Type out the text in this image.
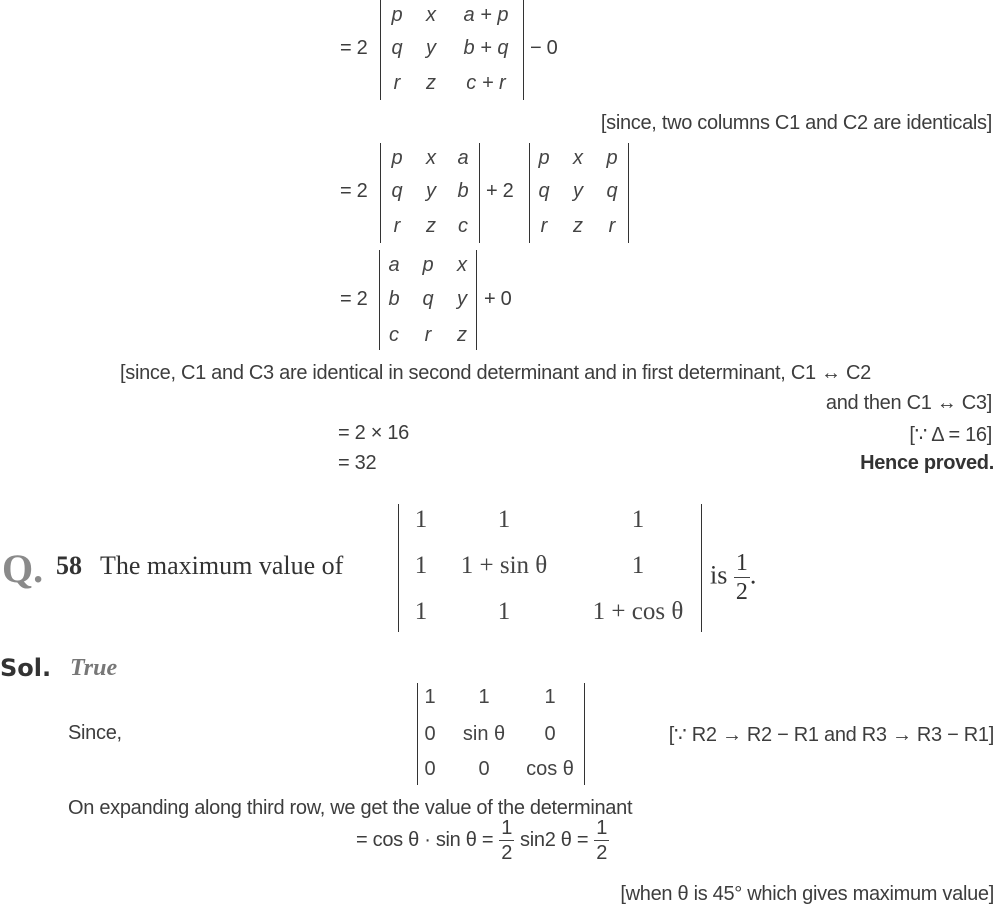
= 2
p x	a + p
q y	b + q
r	z	c + r
− 0
[since, two columns C1 and C2 are identicals]
= 2
p x a
q y b
r	z c
+ 2
p x p
q y q
r	z	r
= 2
a p x
b q y
c	r	z
+ 0
[since, C1 and C3 are identical in second determinant and in first determinant, C1 ↔ C2
and then C1 ↔ C3]
= 2 × 16	[∵ Δ = 16]
= 32	Hence proved.
Q. 58 The maximum value of
1	1	1
1	1 + sin θ	1
1	1	1 + cos θ
is $\frac{1}{2}$ .
Sol. True
Since,
1	1	1
0	sin θ	0
0	0	cos θ
[∵ R2 → R2 − R1 and R3 → R3 − R1]
On expanding along third row, we get the value of the determinant
= $\cos \theta \cdot \sin \theta = \frac{1}{2} \sin 2$ $\theta = \frac{1}{2}$
[when θ is 45° which gives maximum value]
